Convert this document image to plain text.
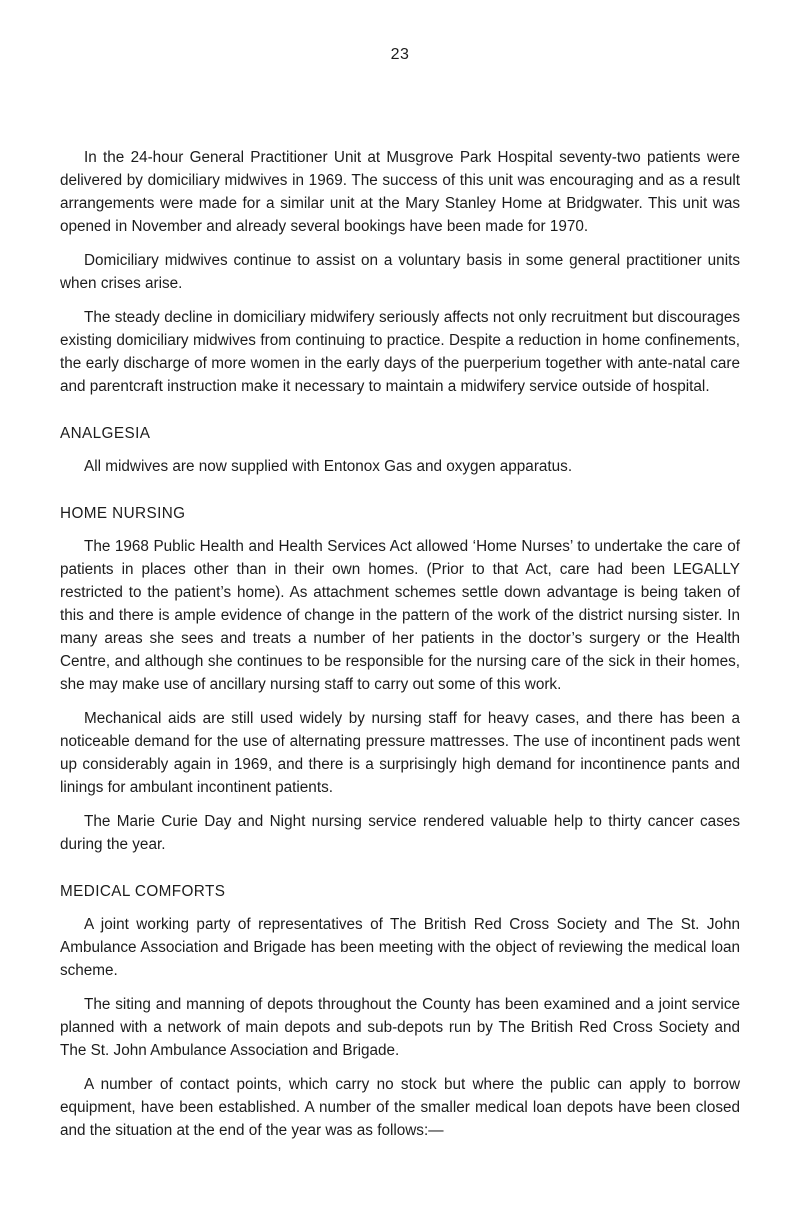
23

In the 24-hour General Practitioner Unit at Musgrove Park Hospital seventy-two patients were delivered by domiciliary midwives in 1969. The success of this unit was encouraging and as a result arrangements were made for a similar unit at the Mary Stanley Home at Bridgwater. This unit was opened in November and already several bookings have been made for 1970.

Domiciliary midwives continue to assist on a voluntary basis in some general practitioner units when crises arise.

The steady decline in domiciliary midwifery seriously affects not only recruitment but discourages existing domiciliary midwives from continuing to practice. Despite a reduction in home confinements, the early discharge of more women in the early days of the puerperium together with ante-natal care and parentcraft instruction make it necessary to maintain a midwifery service outside of hospital.

ANALGESIA

All midwives are now supplied with Entonox Gas and oxygen apparatus.

HOME NURSING

The 1968 Public Health and Health Services Act allowed ‘Home Nurses’ to undertake the care of patients in places other than in their own homes. (Prior to that Act, care had been LEGALLY restricted to the patient’s home). As attachment schemes settle down advantage is being taken of this and there is ample evidence of change in the pattern of the work of the district nursing sister. In many areas she sees and treats a number of her patients in the doctor’s surgery or the Health Centre, and although she continues to be responsible for the nursing care of the sick in their homes, she may make use of ancillary nursing staff to carry out some of this work.

Mechanical aids are still used widely by nursing staff for heavy cases, and there has been a noticeable demand for the use of alternating pressure mattresses. The use of incontinent pads went up considerably again in 1969, and there is a surprisingly high demand for incontinence pants and linings for ambulant incontinent patients.

The Marie Curie Day and Night nursing service rendered valuable help to thirty cancer cases during the year.

MEDICAL COMFORTS

A joint working party of representatives of The British Red Cross Society and The St. John Ambulance Association and Brigade has been meeting with the object of reviewing the medical loan scheme.

The siting and manning of depots throughout the County has been examined and a joint service planned with a network of main depots and sub-depots run by The British Red Cross Society and The St. John Ambulance Association and Brigade.

A number of contact points, which carry no stock but where the public can apply to borrow equipment, have been established. A number of the smaller medical loan depots have been closed and the situation at the end of the year was as follows:—
